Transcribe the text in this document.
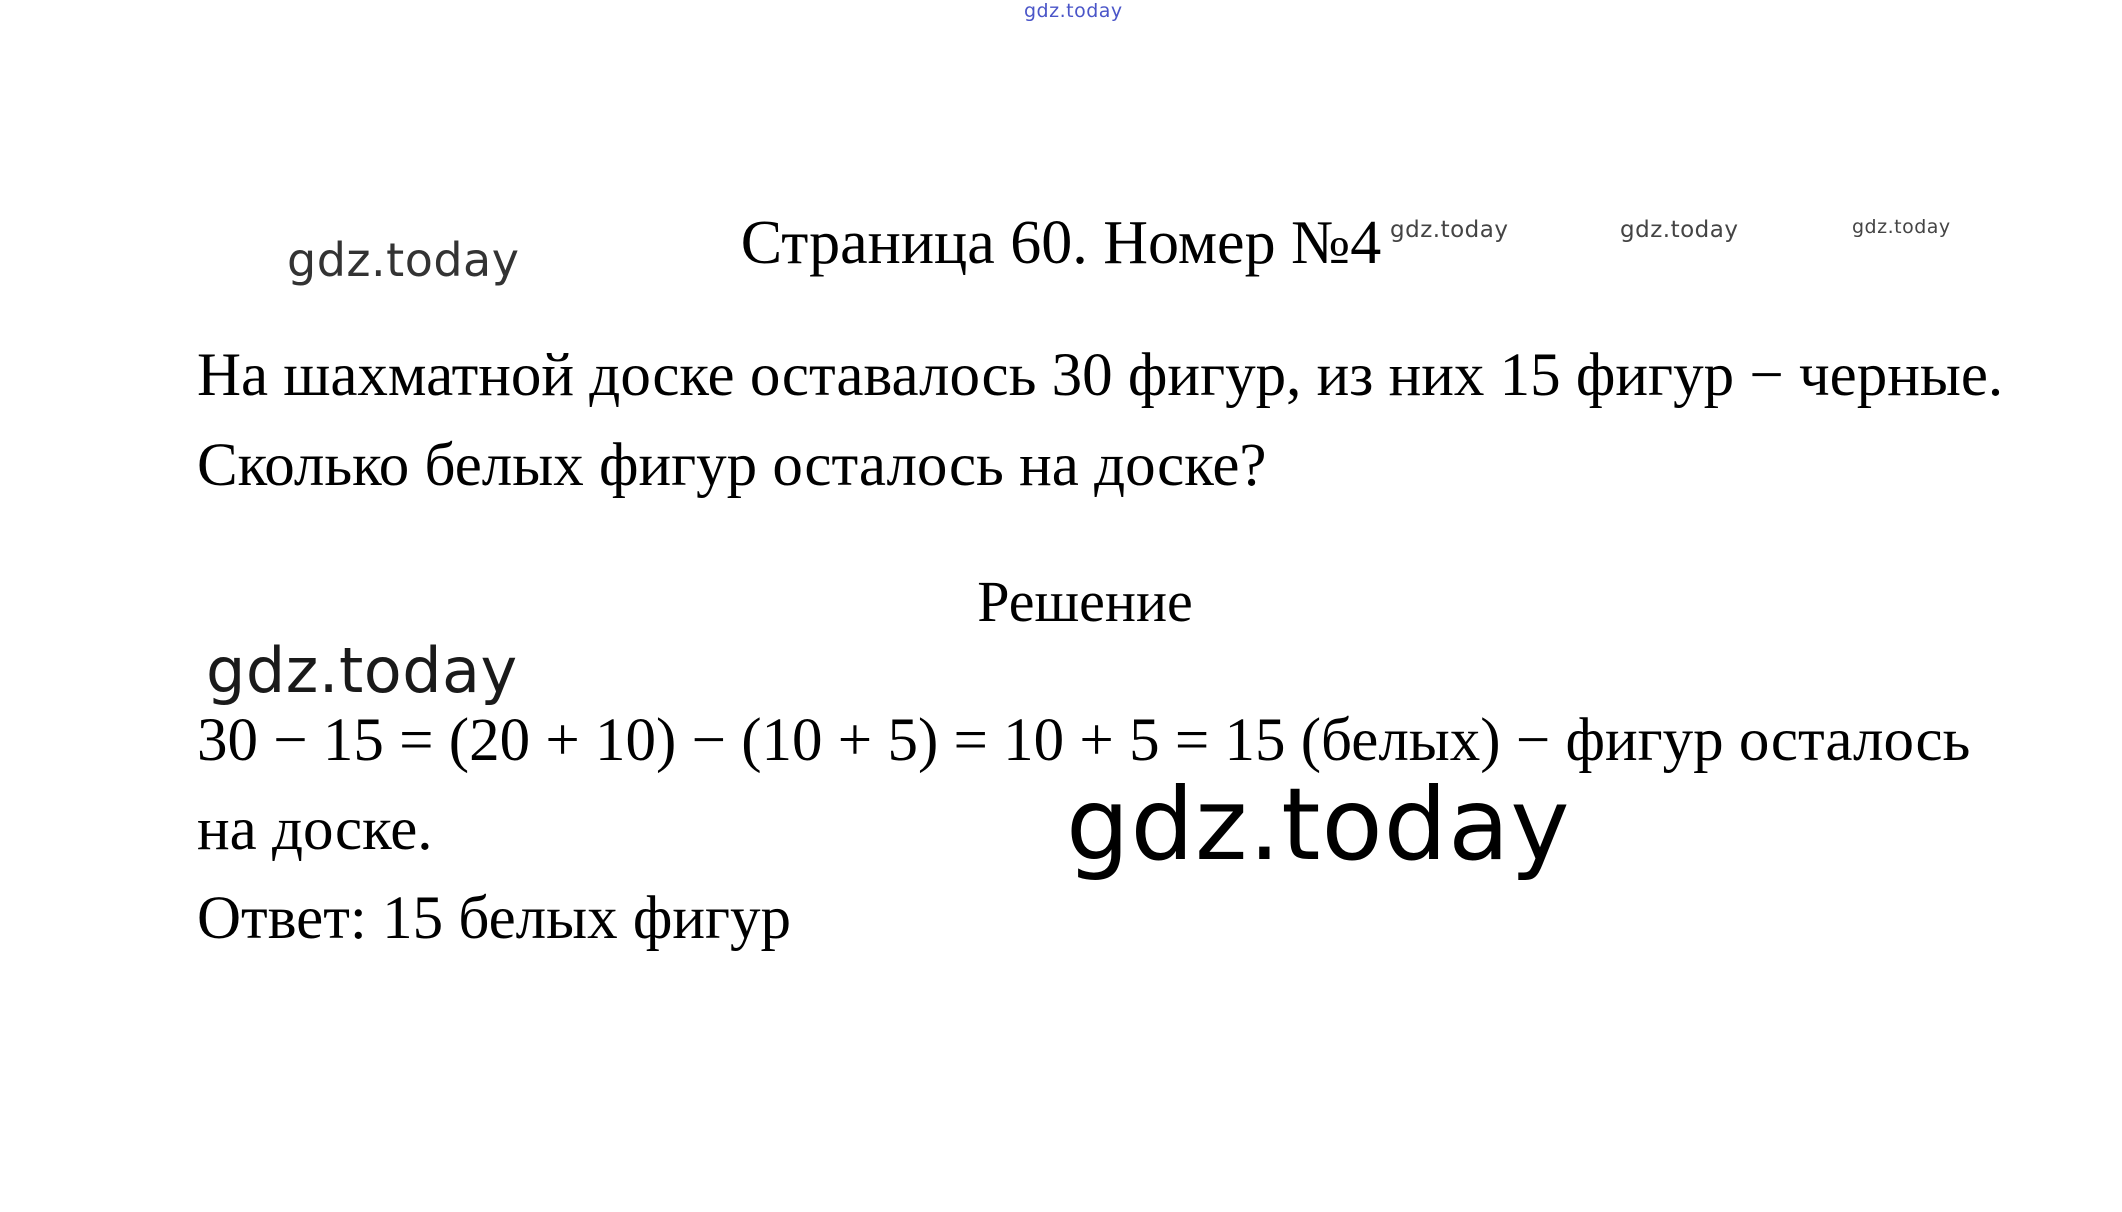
gdz.today
gdz.today	Страница 60. Номер №4 gdz.today	gdz.today	gdz.today
На шахматной доске оставалось 30 фигур, из них 15 фигур − черные.
Сколько белых фигур осталось на доске?
Решение
gdz.today
30 − 15 = (20 + 10) − (10 + 5) = 10 + 5 = 15 (белых) − фигур осталось
на доске.	gdz.today
Ответ: 15 белых фигур
